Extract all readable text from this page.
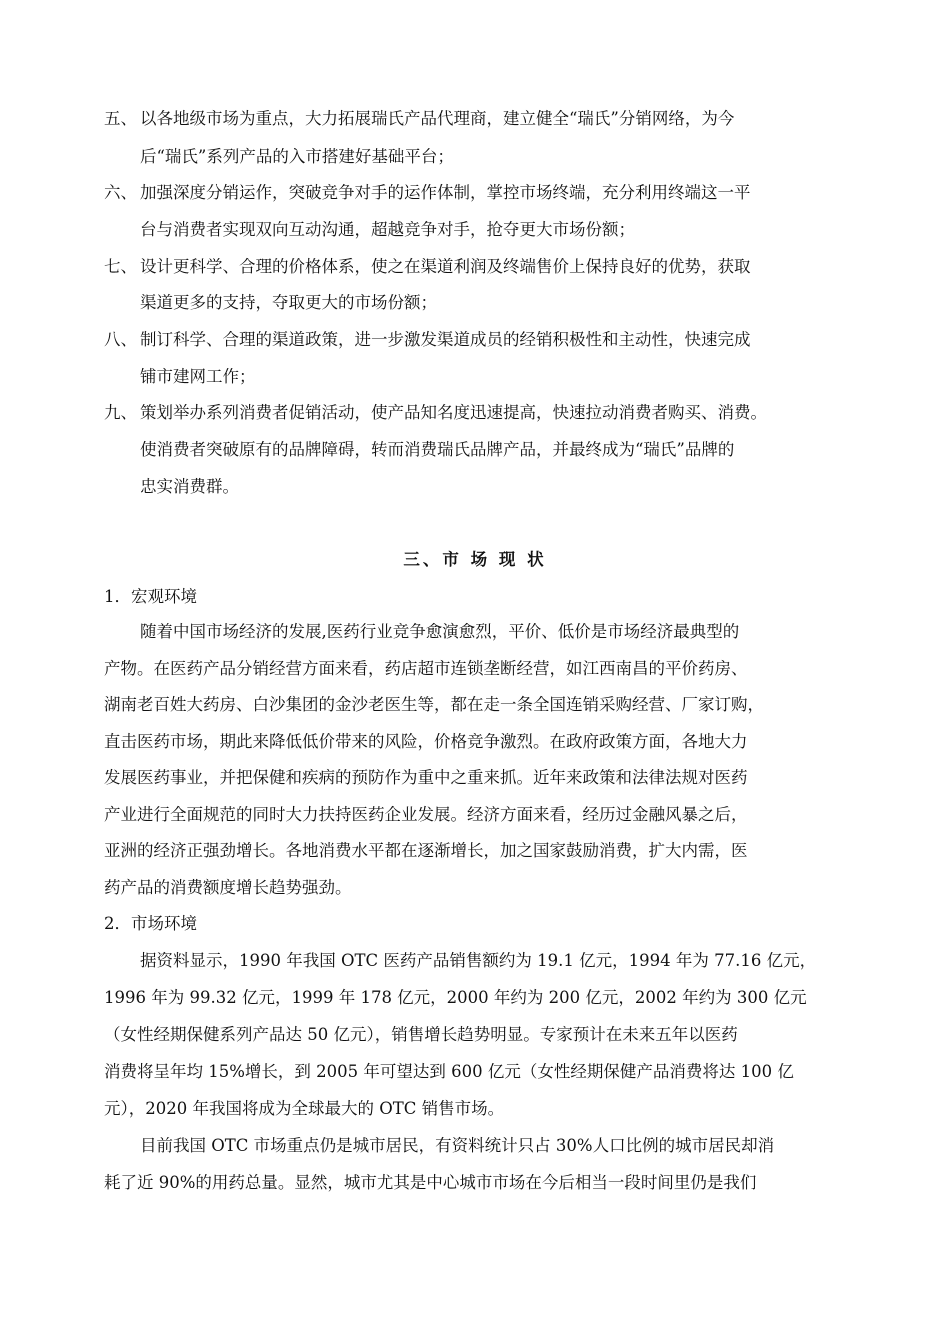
五、 以各地级市场为重点，大力拓展瑞氏产品代理商，建立健全“瑞氏”分销网络，为今
后“瑞氏”系列产品的入市搭建好基础平台；
六、 加强深度分销运作，突破竞争对手的运作体制，掌控市场终端，充分利用终端这一平
台与消费者实现双向互动沟通，超越竞争对手，抢夺更大市场份额；
七、 设计更科学、合理的价格体系，使之在渠道利润及终端售价上保持良好的优势，获取
渠道更多的支持，夺取更大的市场份额；
八、 制订科学、合理的渠道政策，进一步激发渠道成员的经销积极性和主动性，快速完成
铺市建网工作；
九、 策划举办系列消费者促销活动，使产品知名度迅速提高，快速拉动消费者购买、消费。
使消费者突破原有的品牌障碍，转而消费瑞氏品牌产品，并最终成为“瑞氏”品牌的
忠实消费群。
三、市 场 现 状
1．宏观环境
随着中国市场经济的发展,医药行业竞争愈演愈烈，平价、低价是市场经济最典型的
产物。在医药产品分销经营方面来看，药店超市连锁垄断经营，如江西南昌的平价药房、
湖南老百姓大药房、白沙集团的金沙老医生等，都在走一条全国连销采购经营、厂家订购，
直击医药市场，期此来降低低价带来的风险，价格竞争激烈。在政府政策方面，各地大力
发展医药事业，并把保健和疾病的预防作为重中之重来抓。近年来政策和法律法规对医药
产业进行全面规范的同时大力扶持医药企业发展。经济方面来看，经历过金融风暴之后，
亚洲的经济正强劲增长。各地消费水平都在逐渐增长，加之国家鼓励消费，扩大内需，医
药产品的消费额度增长趋势强劲。
2．市场环境
据资料显示，1990 年我国 OTC 医药产品销售额约为 19.1 亿元，1994 年为 77.16 亿元，
1996 年为 99.32 亿元，1999 年 178 亿元，2000 年约为 200 亿元，2002 年约为 300 亿元
（女性经期保健系列产品达 50 亿元），销售增长趋势明显。专家预计在未来五年以医药
消费将呈年均 15%增长，到 2005 年可望达到 600 亿元（女性经期保健产品消费将达 100 亿
元），2020 年我国将成为全球最大的 OTC 销售市场。
目前我国 OTC 市场重点仍是城市居民，有资料统计只占 30%人口比例的城市居民却消
耗了近 90%的用药总量。显然，城市尤其是中心城市市场在今后相当一段时间里仍是我们
